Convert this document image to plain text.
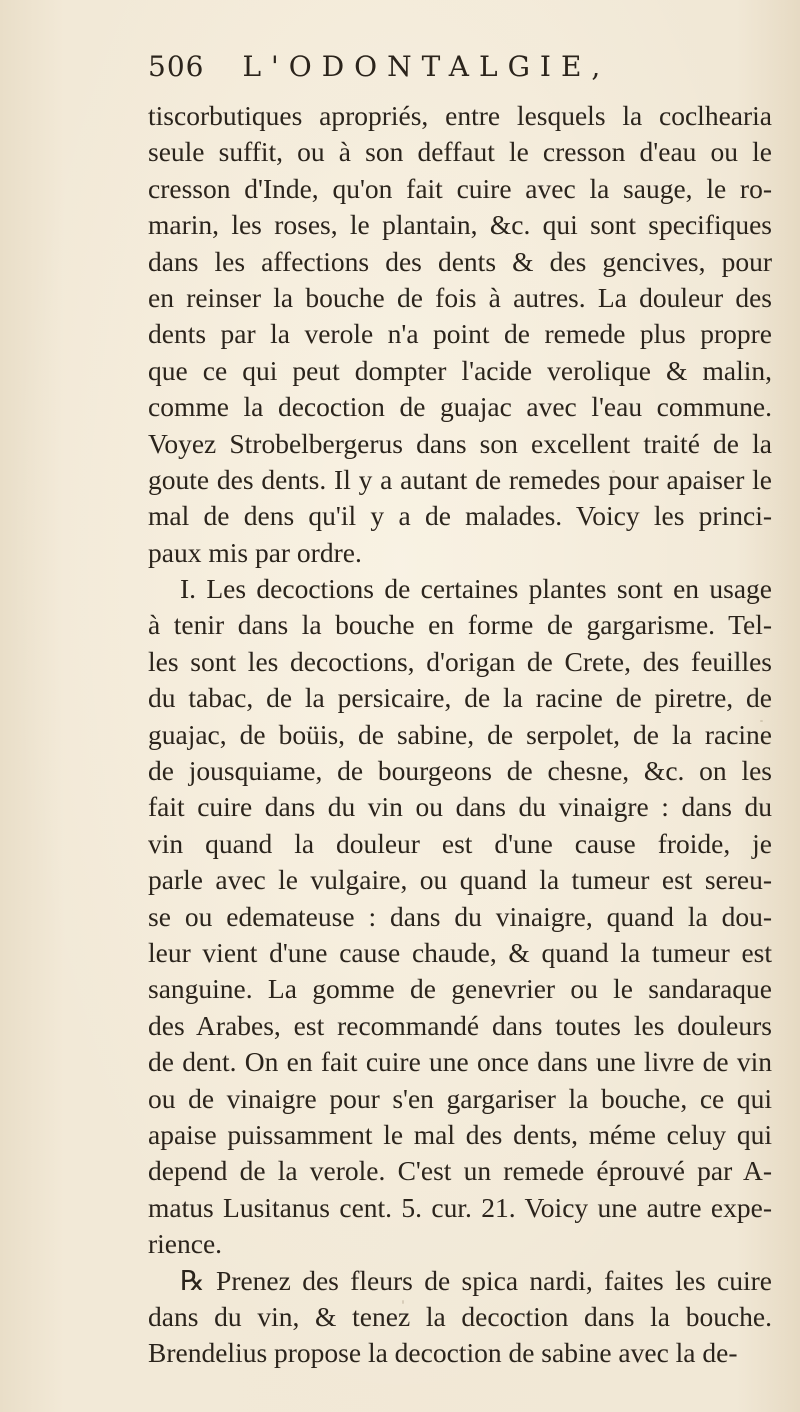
506 L'ODONTALGIE,
tiscorbutiques apropriés, entre lesquels la coclhearia
seule suffit, ou à son deffaut le cresson d'eau ou le
cresson d'Inde, qu'on fait cuire avec la sauge, le ro-
marin, les roses, le plantain, &c. qui sont specifiques
dans les affections des dents & des gencives, pour
en reinser la bouche de fois à autres. La douleur des
dents par la verole n'a point de remede plus propre
que ce qui peut dompter l'acide verolique & malin,
comme la decoction de guajac avec l'eau commune.
Voyez Strobelbergerus dans son excellent traité de la
goute des dents. Il y a autant de remedes pour apaiser le
mal de dens qu'il y a de malades. Voicy les princi-
paux mis par ordre.
I. Les decoctions de certaines plantes sont en usage
à tenir dans la bouche en forme de gargarisme. Tel-
les sont les decoctions, d'origan de Crete, des feuilles
du tabac, de la persicaire, de la racine de piretre, de
guajac, de boüis, de sabine, de serpolet, de la racine
de jousquiame, de bourgeons de chesne, &c. on les
fait cuire dans du vin ou dans du vinaigre : dans du
vin quand la douleur est d'une cause froide, je
parle avec le vulgaire, ou quand la tumeur est sereu-
se ou edemateuse : dans du vinaigre, quand la dou-
leur vient d'une cause chaude, & quand la tumeur est
sanguine. La gomme de genevrier ou le sandaraque
des Arabes, est recommandé dans toutes les douleurs
de dent. On en fait cuire une once dans une livre de vin
ou de vinaigre pour s'en gargariser la bouche, ce qui
apaise puissamment le mal des dents, méme celuy qui
depend de la verole. C'est un remede éprouvé par A-
matus Lusitanus cent. 5. cur. 21. Voicy une autre expe-
rience.
℞ Prenez des fleurs de spica nardi, faites les cuire
dans du vin, & tenez la decoction dans la bouche.
Brendelius propose la decoction de sabine avec la de-
